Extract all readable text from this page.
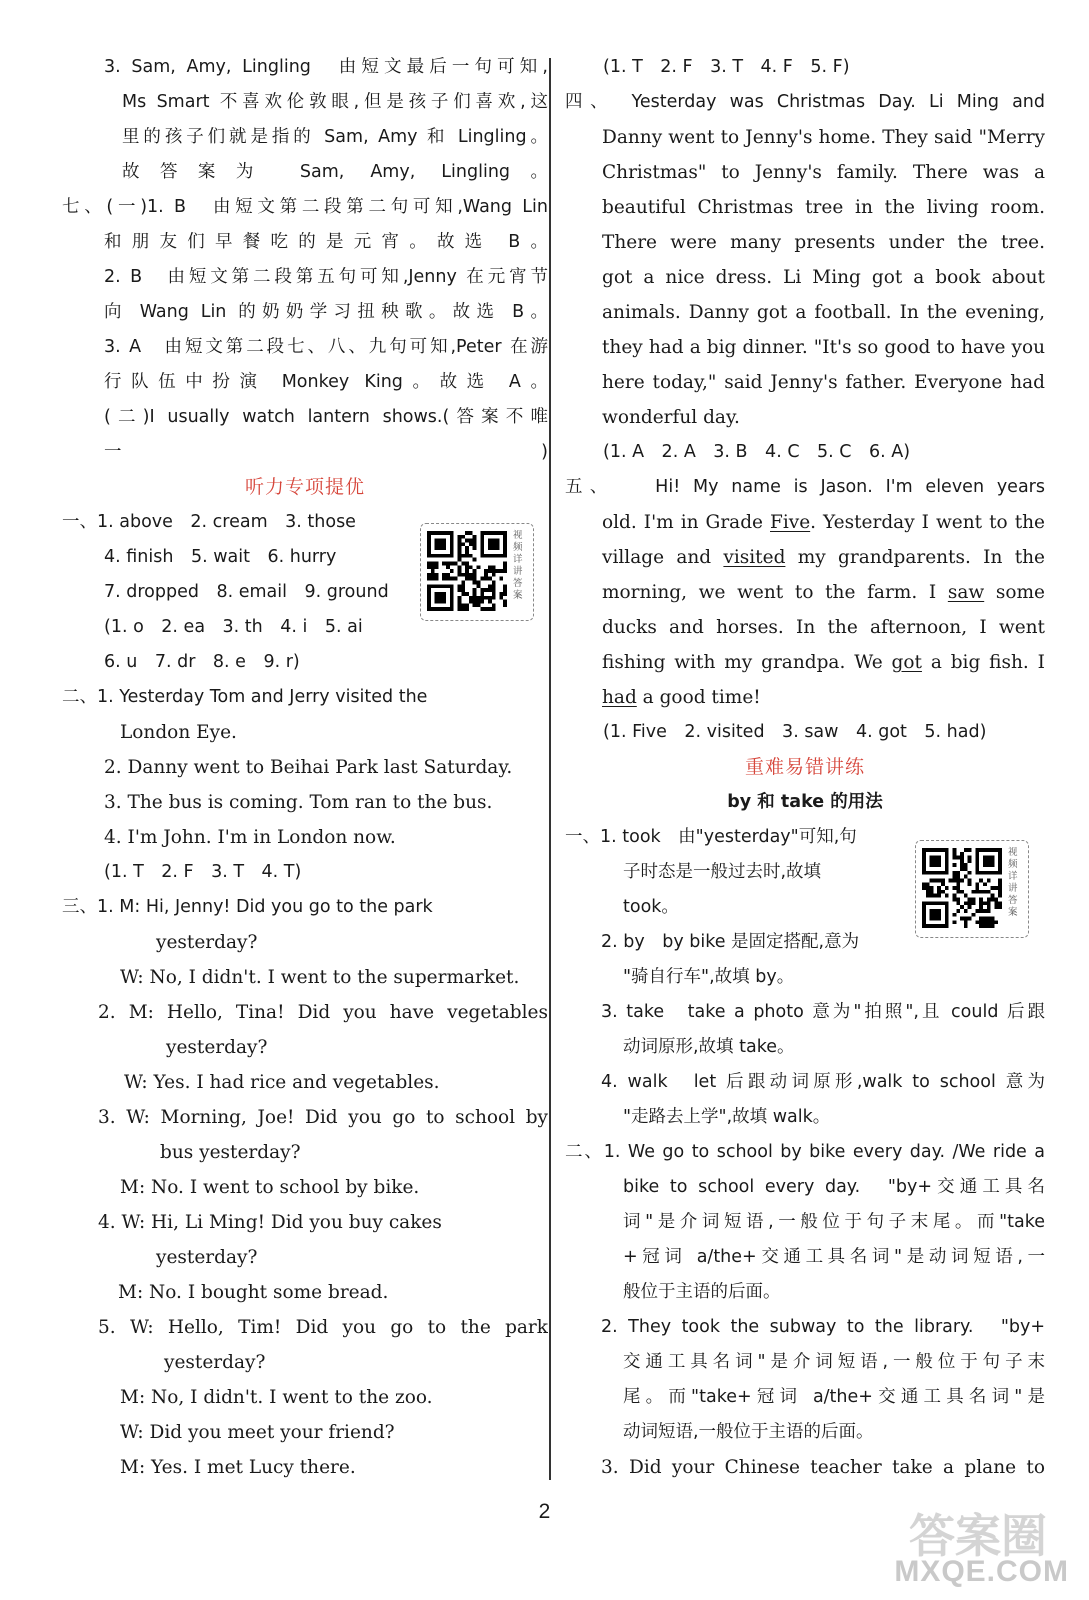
3. Sam, Amy, Lingling　由短文最后一句可知,
Ms Smart 不喜欢伦敦眼,但是孩子们喜欢,这
里的孩子们就是指的 Sam, Amy 和 Lingling。
故答案为 Sam, Amy, Lingling。
七、(一)1. B　由短文第二段第二句可知,Wang Lin
和朋友们早餐吃的是元宵。故选 B。
2. B　由短文第二段第五句可知,Jenny 在元宵节
向 Wang Lin 的奶奶学习扭秧歌。故选 B。
3. A　由短文第二段七、八、九句可知,Peter 在游
行队伍中扮演 Monkey King。故选 A。
(二)I usually watch lantern shows.(答案不唯
一)
听力专项提优
一、1. above　2. cream　3. those
4. finish　5. wait　6. hurry
7. dropped　8. email　9. ground
(1. o　2. ea　3. th　4. i　5. ai
6. u　7. dr　8. e　9. r)
二、1. Yesterday Tom and Jerry visited the
London Eye.
2. Danny went to Beihai Park last Saturday.
3. The bus is coming. Tom ran to the bus.
4. I'm John. I'm in London now.
(1. T　2. F　3. T　4. T)
三、1. M: Hi, Jenny! Did you go to the park
yesterday?
W: No, I didn't. I went to the supermarket.
2. M: Hello, Tina! Did you have vegetables
yesterday?
W: Yes. I had rice and vegetables.
3. W: Morning, Joe! Did you go to school by
bus yesterday?
M: No. I went to school by bike.
4. W: Hi, Li Ming! Did you buy cakes
yesterday?
M: No. I bought some bread.
5. W: Hello, Tim! Did you go to the park
yesterday?
M: No, I didn't. I went to the zoo.
W: Did you meet your friend?
M: Yes. I met Lucy there.
(1. T　2. F　3. T　4. F　5. F)
四、　Yesterday was Christmas Day. Li Ming and
Danny went to Jenny's home. They said "Merry
Christmas" to Jenny's family. There was a
beautiful Christmas tree in the living room.
There were many presents under the tree.
got a nice dress. Li Ming got a book about
animals. Danny got a football. In the evening,
they had a big dinner. "It's so good to have you
here today," said Jenny's father. Everyone had
wonderful day.
(1. A　2. A　3. B　4. C　5. C　6. A)
五、　　Hi! My name is Jason. I'm eleven years
old. I'm in Grade Five. Yesterday I went to the
village and visited my grandparents. In the
morning, we went to the farm. I saw some
ducks and horses. In the afternoon, I went
fishing with my grandpa. We got a big fish. I
had a good time!
(1. Five　2. visited　3. saw　4. got　5. had)
重难易错讲练
by 和 take 的用法
一、1. took　由"yesterday"可知,句
子时态是一般过去时,故填
took。
2. by　by bike 是固定搭配,意为
"骑自行车",故填 by。
3. take　take a photo 意为"拍照",且 could 后跟
动词原形,故填 take。
4. walk　let 后跟动词原形,walk to school 意为
"走路去上学",故填 walk。
二、1. We go to school by bike every day. /We ride a
bike to school every day.　"by+交通工具名
词"是介词短语,一般位于句子末尾。而"take
+冠词 a/the+交通工具名词"是动词短语,一
般位于主语的后面。
2. They took the subway to the library.　"by+
交通工具名词"是介词短语,一般位于句子末
尾。而"take+冠词 a/the+交通工具名词"是
动词短语,一般位于主语的后面。
3. Did your Chinese teacher take a plane to
视频详讲答案
视频详讲答案
2	答案圈
MXQE.COM
